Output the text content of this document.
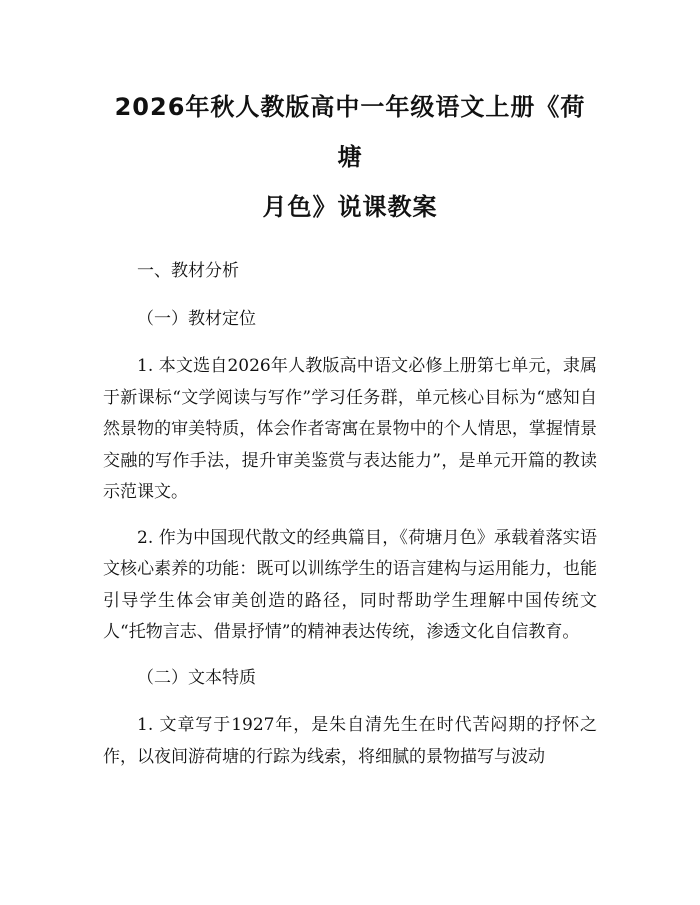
2026年秋人教版高中一年级语文上册《荷塘
月色》说课教案

一、教材分析

（一）教材定位

1. 本文选自2026年人教版高中语文必修上册第七单元，隶属于新课标“文学阅读与写作”学习任务群，单元核心目标为“感知自然景物的审美特质，体会作者寄寓在景物中的个人情思，掌握情景交融的写作手法，提升审美鉴赏与表达能力”，是单元开篇的教读示范课文。

2. 作为中国现代散文的经典篇目，《荷塘月色》承载着落实语文核心素养的功能：既可以训练学生的语言建构与运用能力，也能引导学生体会审美创造的路径，同时帮助学生理解中国传统文人“托物言志、借景抒情”的精神表达传统，渗透文化自信教育。

（二）文本特质

1. 文章写于1927年，是朱自清先生在时代苦闷期的抒怀之作，以夜间游荷塘的行踪为线索，将细腻的景物描写与波动
